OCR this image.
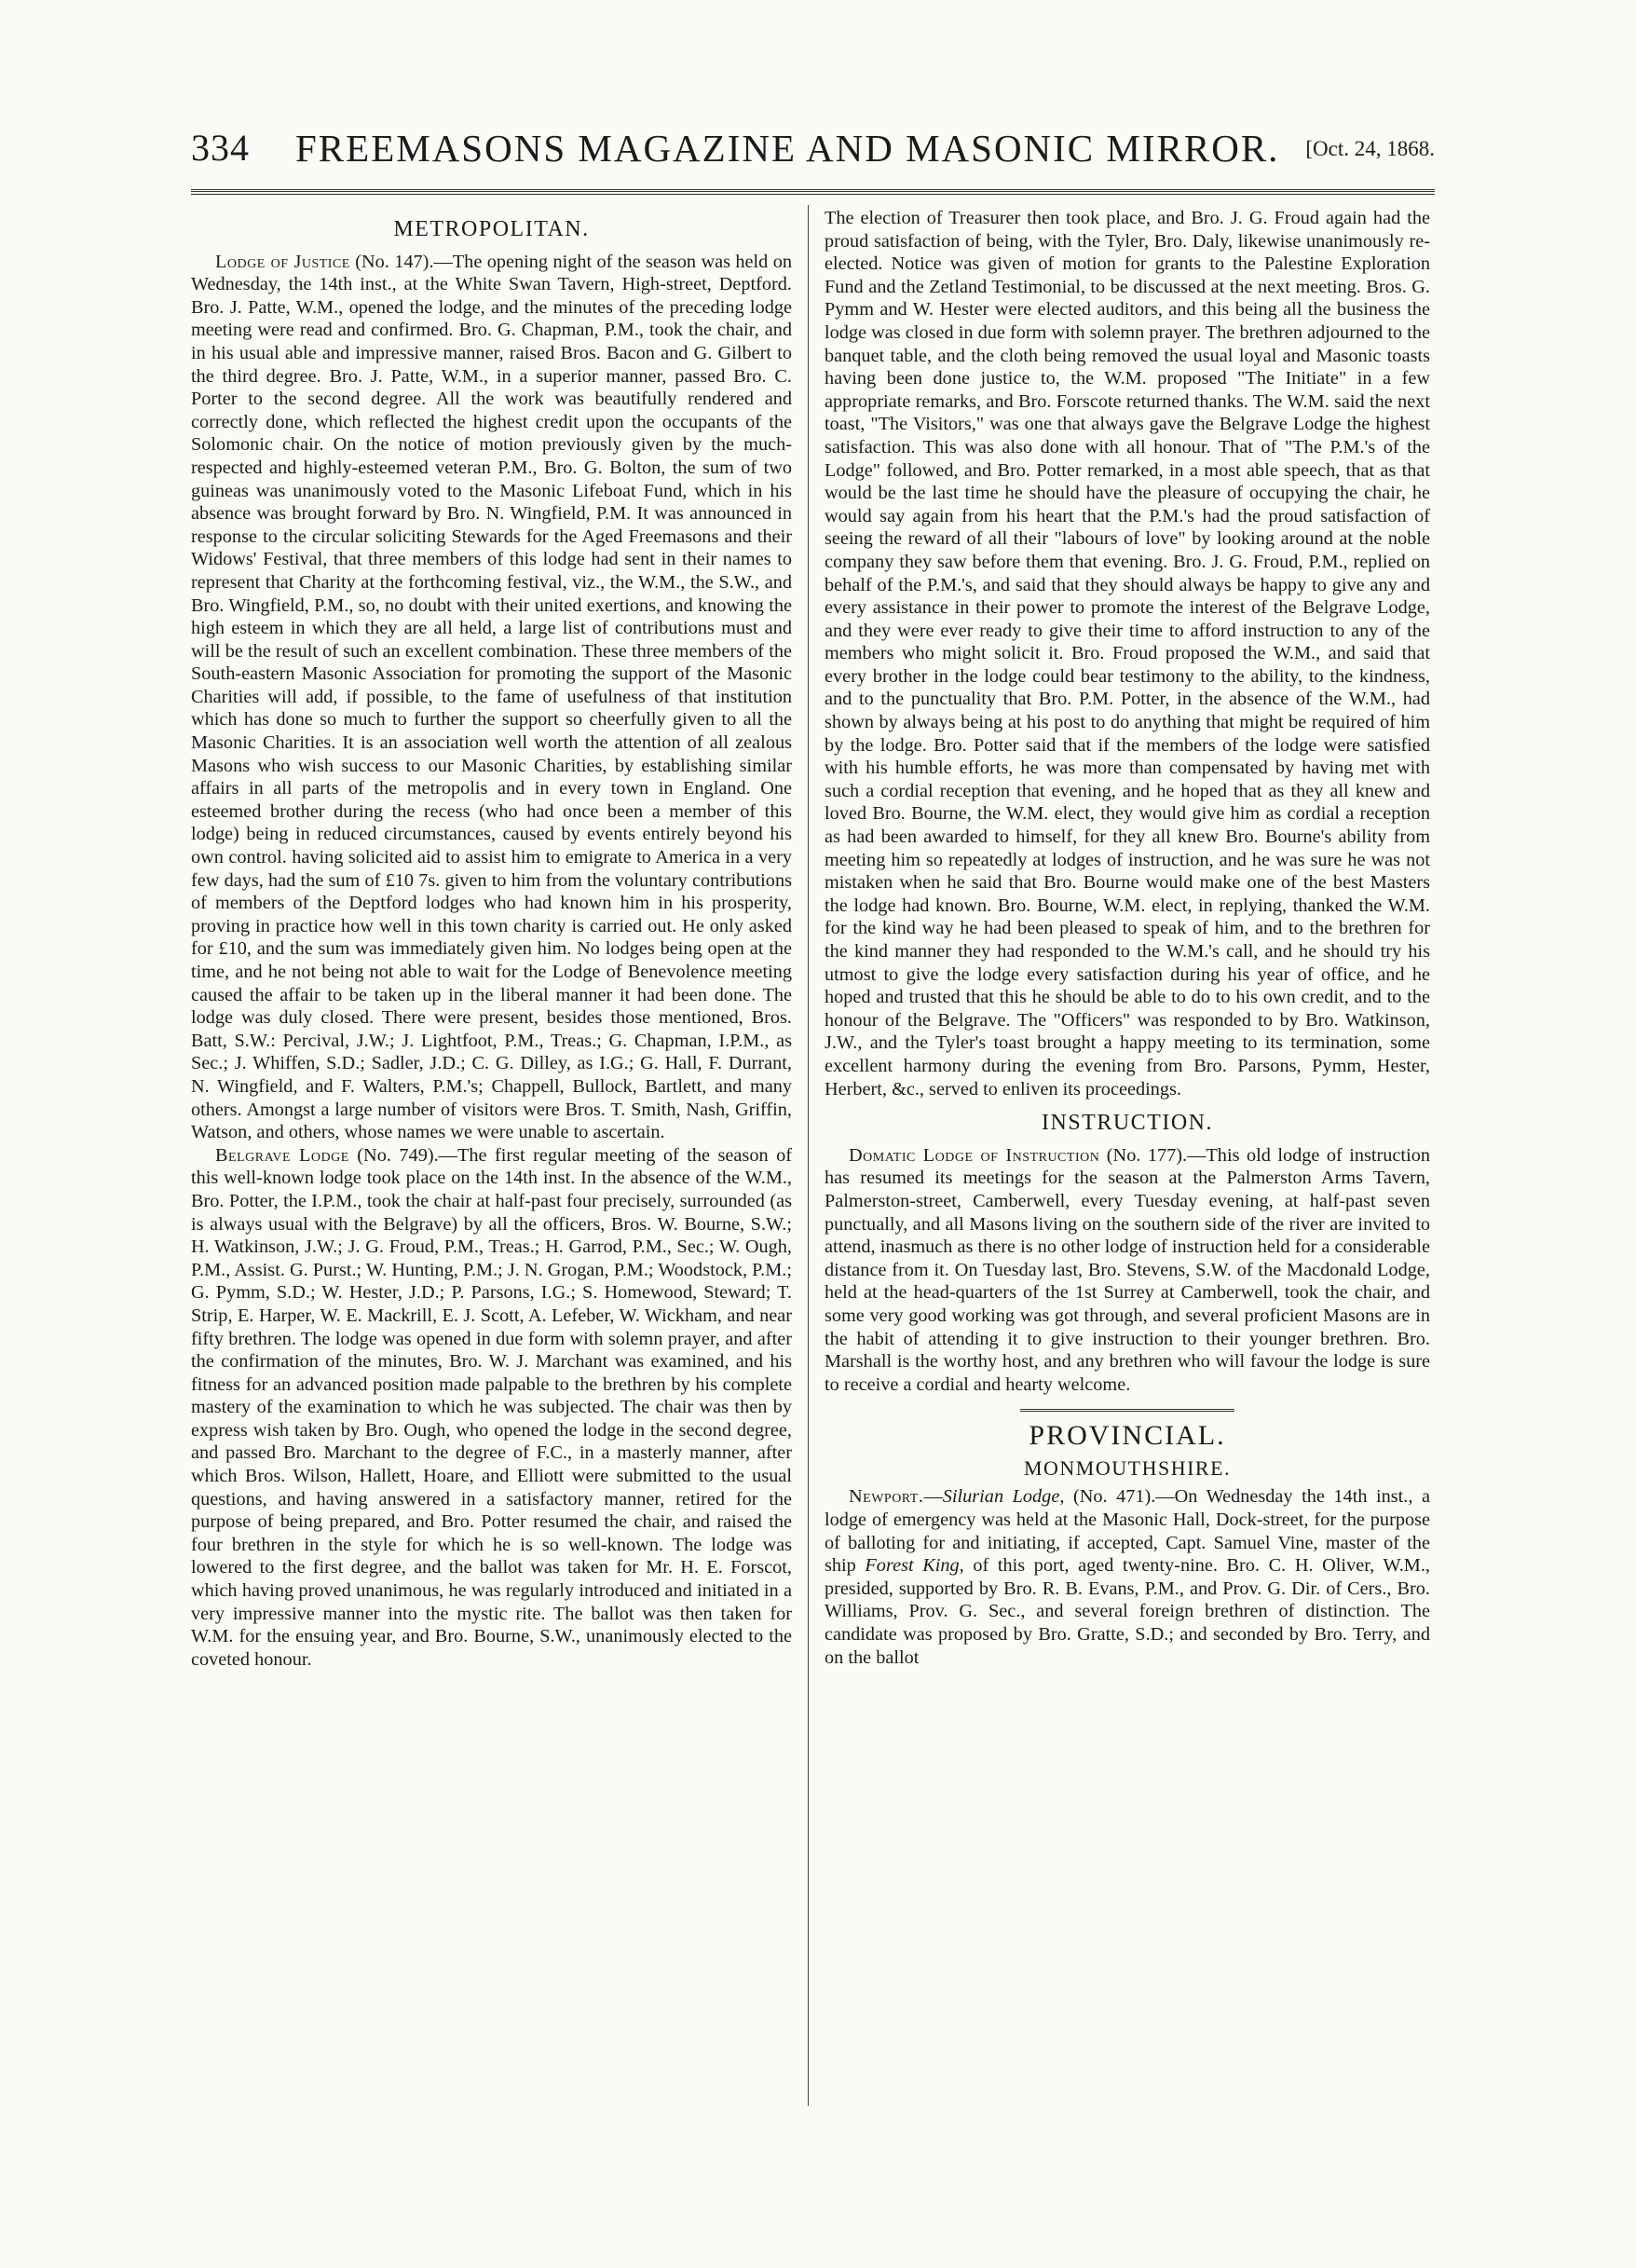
334 FREEMASONS MAGAZINE AND MASONIC MIRROR. [Oct. 24, 1868.
METROPOLITAN.

Lodge of Justice (No. 147).—The opening night of the season was held on Wednesday, the 14th inst., at the White Swan Tavern, High-street, Deptford. Bro. J. Patte, W.M., opened the lodge, and the minutes of the preceding lodge meeting were read and confirmed. Bro. G. Chapman, P.M., took the chair, and in his usual able and impressive manner, raised Bros. Bacon and G. Gilbert to the third degree. Bro. J. Patte, W.M., in a superior manner, passed Bro. C. Porter to the second degree. All the work was beautifully rendered and correctly done, which reflected the highest credit upon the occupants of the Solomonic chair. On the notice of motion previously given by the much-respected and highly-esteemed veteran P.M., Bro. G. Bolton, the sum of two guineas was unanimously voted to the Masonic Lifeboat Fund, which in his absence was brought forward by Bro. N. Wingfield, P.M. It was announced in response to the circular soliciting Stewards for the Aged Freemasons and their Widows' Festival, that three members of this lodge had sent in their names to represent that Charity at the forthcoming festival, viz., the W.M., the S.W., and Bro. Wingfield, P.M., so, no doubt with their united exertions, and knowing the high esteem in which they are all held, a large list of contributions must and will be the result of such an excellent combination. These three members of the South-eastern Masonic Association for promoting the support of the Masonic Charities will add, if possible, to the fame of usefulness of that institution which has done so much to further the support so cheerfully given to all the Masonic Charities. It is an association well worth the attention of all zealous Masons who wish success to our Masonic Charities, by establishing similar affairs in all parts of the metropolis and in every town in England. One esteemed brother during the recess (who had once been a member of this lodge) being in reduced circumstances, caused by events entirely beyond his own control. having solicited aid to assist him to emigrate to America in a very few days, had the sum of £10 7s. given to him from the voluntary contributions of members of the Deptford lodges who had known him in his prosperity, proving in practice how well in this town charity is carried out. He only asked for £10, and the sum was immediately given him. No lodges being open at the time, and he not being not able to wait for the Lodge of Benevolence meeting caused the affair to be taken up in the liberal manner it had been done. The lodge was duly closed. There were present, besides those mentioned, Bros. Batt, S.W.: Percival, J.W.; J. Lightfoot, P.M., Treas.; G. Chapman, I.P.M., as Sec.; J. Whiffen, S.D.; Sadler, J.D.; C. G. Dilley, as I.G.; G. Hall, F. Durrant, N. Wingfield, and F. Walters, P.M.'s; Chappell, Bullock, Bartlett, and many others. Amongst a large number of visitors were Bros. T. Smith, Nash, Griffin, Watson, and others, whose names we were unable to ascertain.

Belgrave Lodge (No. 749).—The first regular meeting of the season of this well-known lodge took place on the 14th inst. In the absence of the W.M., Bro. Potter, the I.P.M., took the chair at half-past four precisely, surrounded (as is always usual with the Belgrave) by all the officers, Bros. W. Bourne, S.W.; H. Watkinson, J.W.; J. G. Froud, P.M., Treas.; H. Garrod, P.M., Sec.; W. Ough, P.M., Assist. G. Purst.; W. Hunting, P.M.; J. N. Grogan, P.M.; Woodstock, P.M.; G. Pymm, S.D.; W. Hester, J.D.; P. Parsons, I.G.; S. Homewood, Steward; T. Strip, E. Harper, W. E. Mackrill, E. J. Scott, A. Lefeber, W. Wickham, and near fifty brethren. The lodge was opened in due form with solemn prayer, and after the confirmation of the minutes, Bro. W. J. Marchant was examined, and his fitness for an advanced position made palpable to the brethren by his complete mastery of the examination to which he was subjected. The chair was then by express wish taken by Bro. Ough, who opened the lodge in the second degree, and passed Bro. Marchant to the degree of F.C., in a masterly manner, after which Bros. Wilson, Hallett, Hoare, and Elliott were submitted to the usual questions, and having answered in a satisfactory manner, retired for the purpose of being prepared, and Bro. Potter resumed the chair, and raised the four brethren in the style for which he is so well-known. The lodge was lowered to the first degree, and the ballot was taken for Mr. H. E. Forscot, which having proved unanimous, he was regularly introduced and initiated in a very impressive manner into the mystic rite. The ballot was then taken for W.M. for the ensuing year, and Bro. Bourne, S.W., unanimously elected to the coveted honour.

The election of Treasurer then took place, and Bro. J. G. Froud again had the proud satisfaction of being, with the Tyler, Bro. Daly, likewise unanimously re-elected. Notice was given of motion for grants to the Palestine Exploration Fund and the Zetland Testimonial, to be discussed at the next meeting. Bros. G. Pymm and W. Hester were elected auditors, and this being all the business the lodge was closed in due form with solemn prayer. The brethren adjourned to the banquet table, and the cloth being removed the usual loyal and Masonic toasts having been done justice to, the W.M. proposed "The Initiate" in a few appropriate remarks, and Bro. Forscote returned thanks. The W.M. said the next toast, "The Visitors," was one that always gave the Belgrave Lodge the highest satisfaction. This was also done with all honour. That of "The P.M.'s of the Lodge" followed, and Bro. Potter remarked, in a most able speech, that as that would be the last time he should have the pleasure of occupying the chair, he would say again from his heart that the P.M.'s had the proud satisfaction of seeing the reward of all their "labours of love" by looking around at the noble company they saw before them that evening. Bro. J. G. Froud, P.M., replied on behalf of the P.M.'s, and said that they should always be happy to give any and every assistance in their power to promote the interest of the Belgrave Lodge, and they were ever ready to give their time to afford instruction to any of the members who might solicit it. Bro. Froud proposed the W.M., and said that every brother in the lodge could bear testimony to the ability, to the kindness, and to the punctuality that Bro. P.M. Potter, in the absence of the W.M., had shown by always being at his post to do anything that might be required of him by the lodge. Bro. Potter said that if the members of the lodge were satisfied with his humble efforts, he was more than compensated by having met with such a cordial reception that evening, and he hoped that as they all knew and loved Bro. Bourne, the W.M. elect, they would give him as cordial a reception as had been awarded to himself, for they all knew Bro. Bourne's ability from meeting him so repeatedly at lodges of instruction, and he was sure he was not mistaken when he said that Bro. Bourne would make one of the best Masters the lodge had known. Bro. Bourne, W.M. elect, in replying, thanked the W.M. for the kind way he had been pleased to speak of him, and to the brethren for the kind manner they had responded to the W.M.'s call, and he should try his utmost to give the lodge every satisfaction during his year of office, and he hoped and trusted that this he should be able to do to his own credit, and to the honour of the Belgrave. The "Officers" was responded to by Bro. Watkinson, J.W., and the Tyler's toast brought a happy meeting to its termination, some excellent harmony during the evening from Bro. Parsons, Pymm, Hester, Herbert, &c., served to enliven its proceedings.

INSTRUCTION.

Domatic Lodge of Instruction (No. 177).—This old lodge of instruction has resumed its meetings for the season at the Palmerston Arms Tavern, Palmerston-street, Camberwell, every Tuesday evening, at half-past seven punctually, and all Masons living on the southern side of the river are invited to attend, inasmuch as there is no other lodge of instruction held for a considerable distance from it. On Tuesday last, Bro. Stevens, S.W. of the Macdonald Lodge, held at the head-quarters of the 1st Surrey at Camberwell, took the chair, and some very good working was got through, and several proficient Masons are in the habit of attending it to give instruction to their younger brethren. Bro. Marshall is the worthy host, and any brethren who will favour the lodge is sure to receive a cordial and hearty welcome.

PROVINCIAL.
MONMOUTHSHIRE.

Newport.—Silurian Lodge, (No. 471).—On Wednesday the 14th inst., a lodge of emergency was held at the Masonic Hall, Dock-street, for the purpose of balloting for and initiating, if accepted, Capt. Samuel Vine, master of the ship Forest King, of this port, aged twenty-nine. Bro. C. H. Oliver, W.M., presided, supported by Bro. R. B. Evans, P.M., and Prov. G. Dir. of Cers., Bro. Williams, Prov. G. Sec., and several foreign brethren of distinction. The candidate was proposed by Bro. Gratte, S.D.; and seconded by Bro. Terry, and on the ballot
